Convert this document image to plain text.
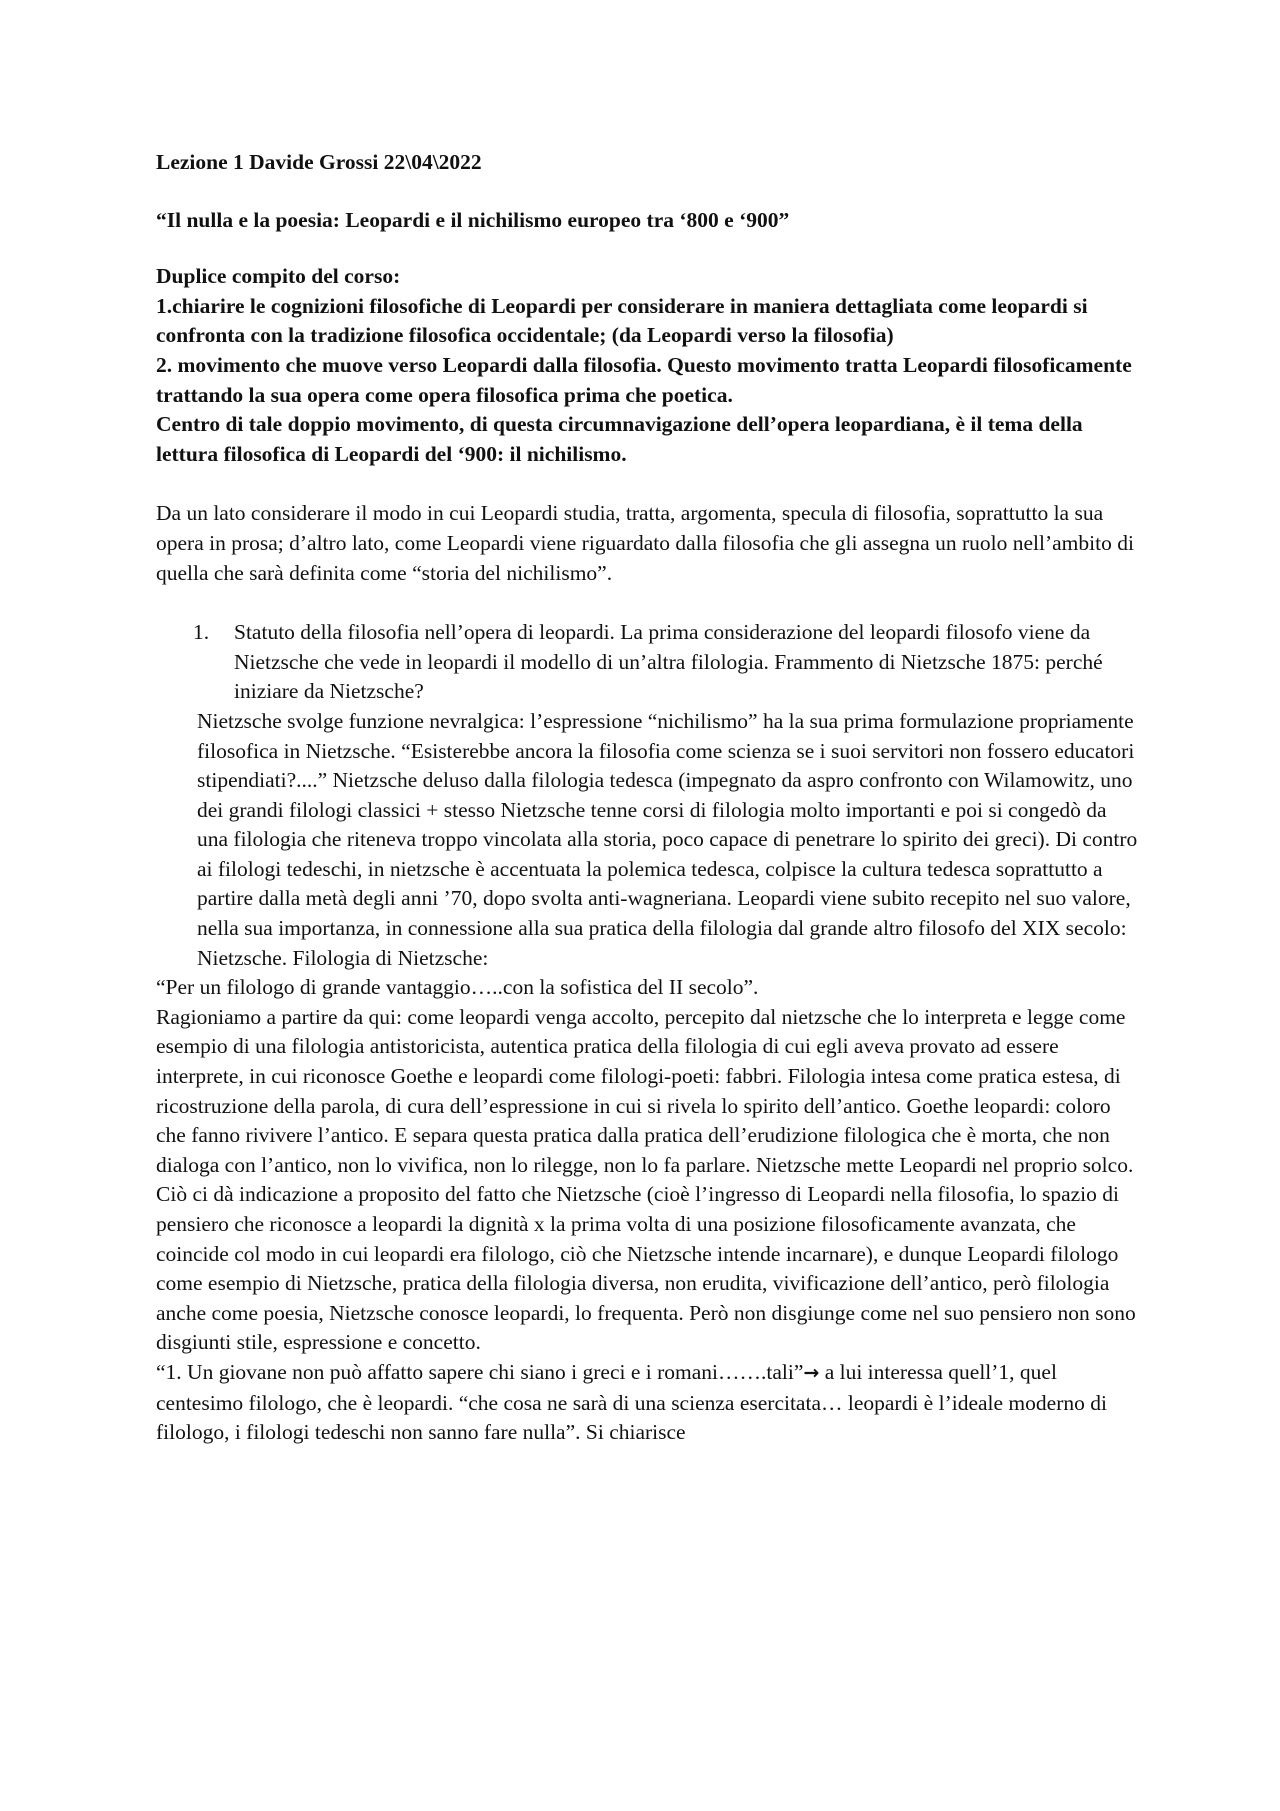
Lezione 1 Davide Grossi 22\04\2022

“Il nulla e la poesia: Leopardi e il nichilismo europeo tra ‘800 e ‘900”

Duplice compito del corso:

1.chiarire le cognizioni filosofiche di Leopardi per considerare in maniera dettagliata come leopardi si confronta con la tradizione filosofica occidentale; (da Leopardi verso la filosofia)

2. movimento che muove verso Leopardi dalla filosofia. Questo movimento tratta Leopardi filosoficamente trattando la sua opera come opera filosofica prima che poetica.

Centro di tale doppio movimento, di questa circumnavigazione dell’opera leopardiana, è il tema della lettura filosofica di Leopardi del ‘900: il nichilismo.

Da un lato considerare il modo in cui Leopardi studia, tratta, argomenta, specula di filosofia, soprattutto la sua opera in prosa; d’altro lato, come Leopardi viene riguardato dalla filosofia che gli assegna un ruolo nell’ambito di quella che sarà definita come “storia del nichilismo”.

1. Statuto della filosofia nell’opera di leopardi. La prima considerazione del leopardi filosofo viene da Nietzsche che vede in leopardi il modello di un’altra filologia. Frammento di Nietzsche 1875: perché iniziare da Nietzsche?

Nietzsche svolge funzione nevralgica: l’espressione “nichilismo” ha la sua prima formulazione propriamente filosofica in Nietzsche. “Esisterebbe ancora la filosofia come scienza se i suoi servitori non fossero educatori stipendiati?....” Nietzsche deluso dalla filologia tedesca (impegnato da aspro confronto con Wilamowitz, uno dei grandi filologi classici + stesso Nietzsche tenne corsi di filologia molto importanti e poi si congedò da una filologia che riteneva troppo vincolata alla storia, poco capace di penetrare lo spirito dei greci). Di contro ai filologi tedeschi, in nietzsche è accentuata la polemica tedesca, colpisce la cultura tedesca soprattutto a partire dalla metà degli anni ’70, dopo svolta anti-wagneriana. Leopardi viene subito recepito nel suo valore, nella sua importanza, in connessione alla sua pratica della filologia dal grande altro filosofo del XIX secolo: Nietzsche. Filologia di Nietzsche:

“Per un filologo di grande vantaggio…..con la sofistica del II secolo”.

Ragioniamo a partire da qui: come leopardi venga accolto, percepito dal nietzsche che lo interpreta e legge come esempio di una filologia antistoricista, autentica pratica della filologia di cui egli aveva provato ad essere interprete, in cui riconosce Goethe e leopardi come filologi-poeti: fabbri. Filologia intesa come pratica estesa, di ricostruzione della parola, di cura dell’espressione in cui si rivela lo spirito dell’antico. Goethe leopardi: coloro che fanno rivivere l’antico. E separa questa pratica dalla pratica dell’erudizione filologica che è morta, che non dialoga con l’antico, non lo vivifica, non lo rilegge, non lo fa parlare. Nietzsche mette Leopardi nel proprio solco. Ciò ci dà indicazione a proposito del fatto che Nietzsche (cioè l’ingresso di Leopardi nella filosofia, lo spazio di pensiero che riconosce a leopardi la dignità x la prima volta di una posizione filosoficamente avanzata, che coincide col modo in cui leopardi era filologo, ciò che Nietzsche intende incarnare), e dunque Leopardi filologo come esempio di Nietzsche, pratica della filologia diversa, non erudita, vivificazione dell’antico, però filologia anche come poesia, Nietzsche conosce leopardi, lo frequenta. Però non disgiunge come nel suo pensiero non sono disgiunti stile, espressione e concetto.

“1. Un giovane non può affatto sapere chi siano i greci e i romani…….tali”→ a lui interessa quell’1, quel centesimo filologo, che è leopardi. “che cosa ne sarà di una scienza esercitata… leopardi è l’ideale moderno di filologo, i filologi tedeschi non sanno fare nulla”. Si chiarisce
